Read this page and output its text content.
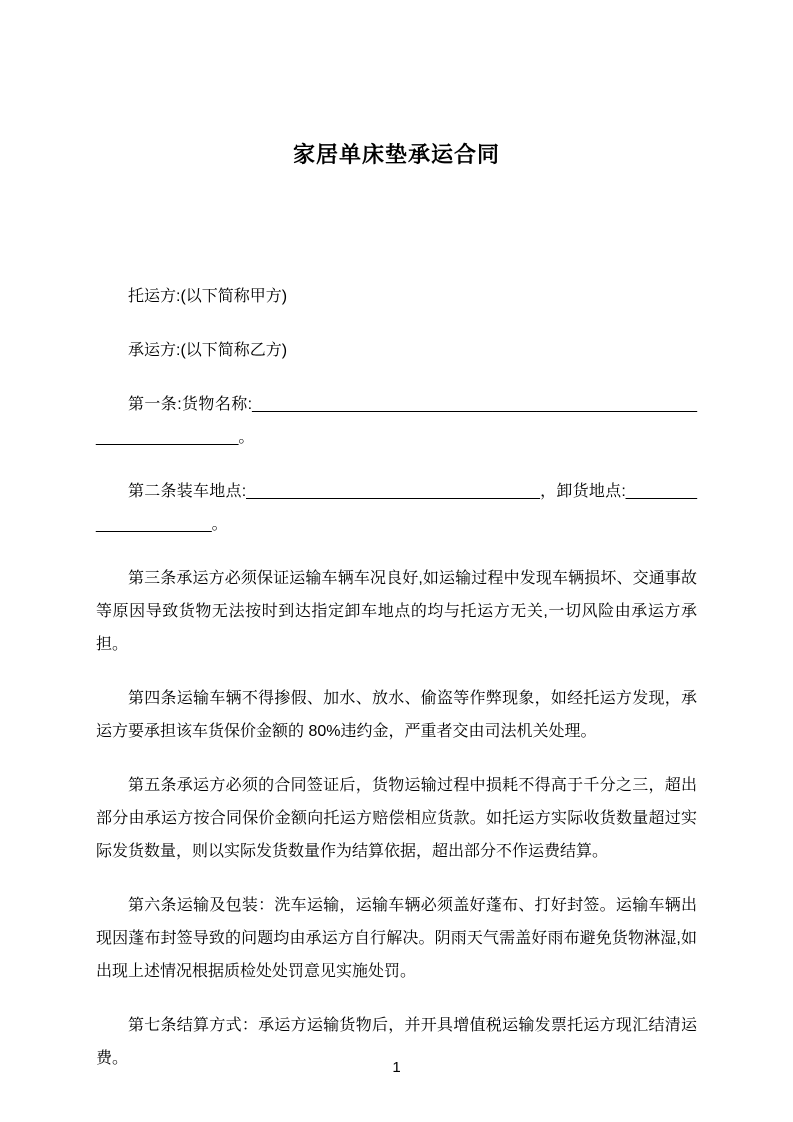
家居单床垫承运合同

托运方:(以下简称甲方)

承运方:(以下简称乙方)

第一条:货物名称:__________________________________________________________________。

第二条装车地点:_________________________________，卸货地点:_____________________。

第三条承运方必须保证运输车辆车况良好,如运输过程中发现车辆损坏、交通事故等原因导致货物无法按时到达指定卸车地点的均与托运方无关,一切风险由承运方承担。

第四条运输车辆不得掺假、加水、放水、偷盗等作弊现象，如经托运方发现，承运方要承担该车货保价金额的 80%违约金，严重者交由司法机关处理。

第五条承运方必须的合同签证后，货物运输过程中损耗不得高于千分之三，超出部分由承运方按合同保价金额向托运方赔偿相应货款。如托运方实际收货数量超过实际发货数量，则以实际发货数量作为结算依据，超出部分不作运费结算。

第六条运输及包装：洗车运输，运输车辆必须盖好蓬布、打好封签。运输车辆出现因蓬布封签导致的问题均由承运方自行解决。阴雨天气需盖好雨布避免货物淋湿,如出现上述情况根据质检处处罚意见实施处罚。

第七条结算方式：承运方运输货物后，并开具增值税运输发票托运方现汇结清运费。

1
